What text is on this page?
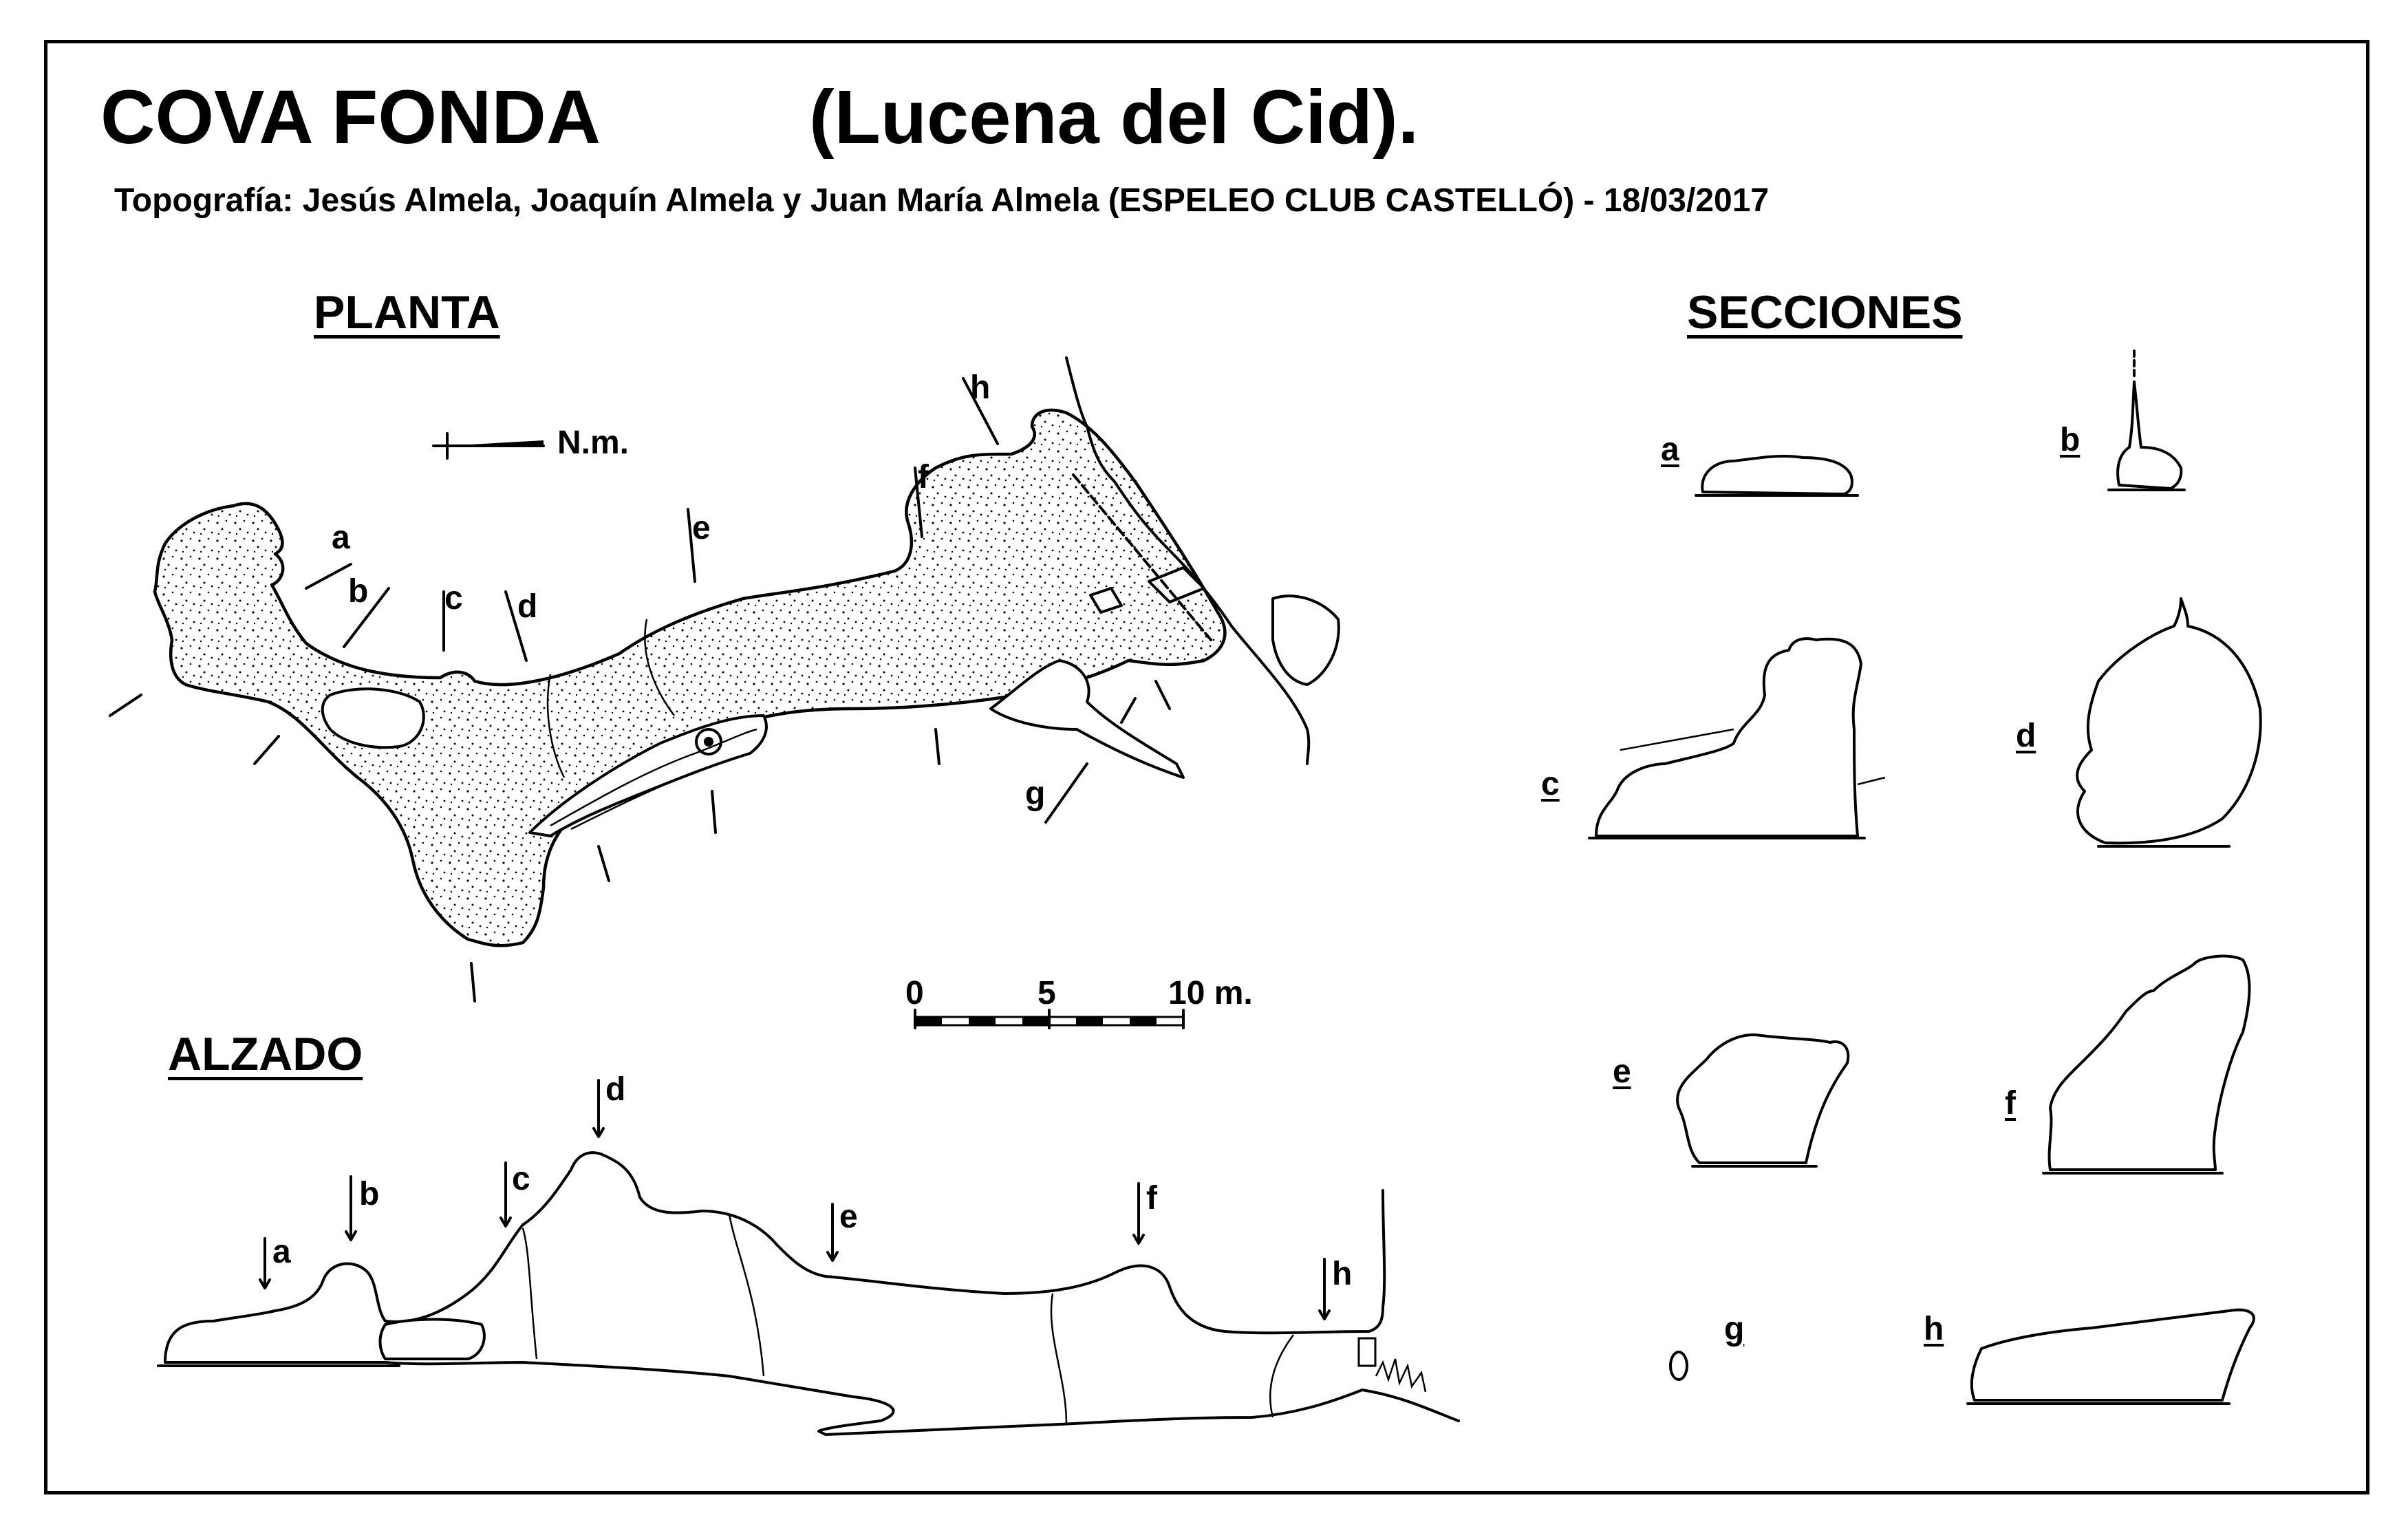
COVA FONDA	(Lucena del Cid).
Topografía: Jesús Almela, Joaquín Almela y Juan María Almela (ESPELEO CLUB CASTELLÓ) - 18/03/2017
PLANTA
ALZADO
SECCIONES
N.m.
a
b c d
e
f
g
h
0	5	10 m.
a
b	c
d
e
f
h
a	b
c
d
e
f
g	h
